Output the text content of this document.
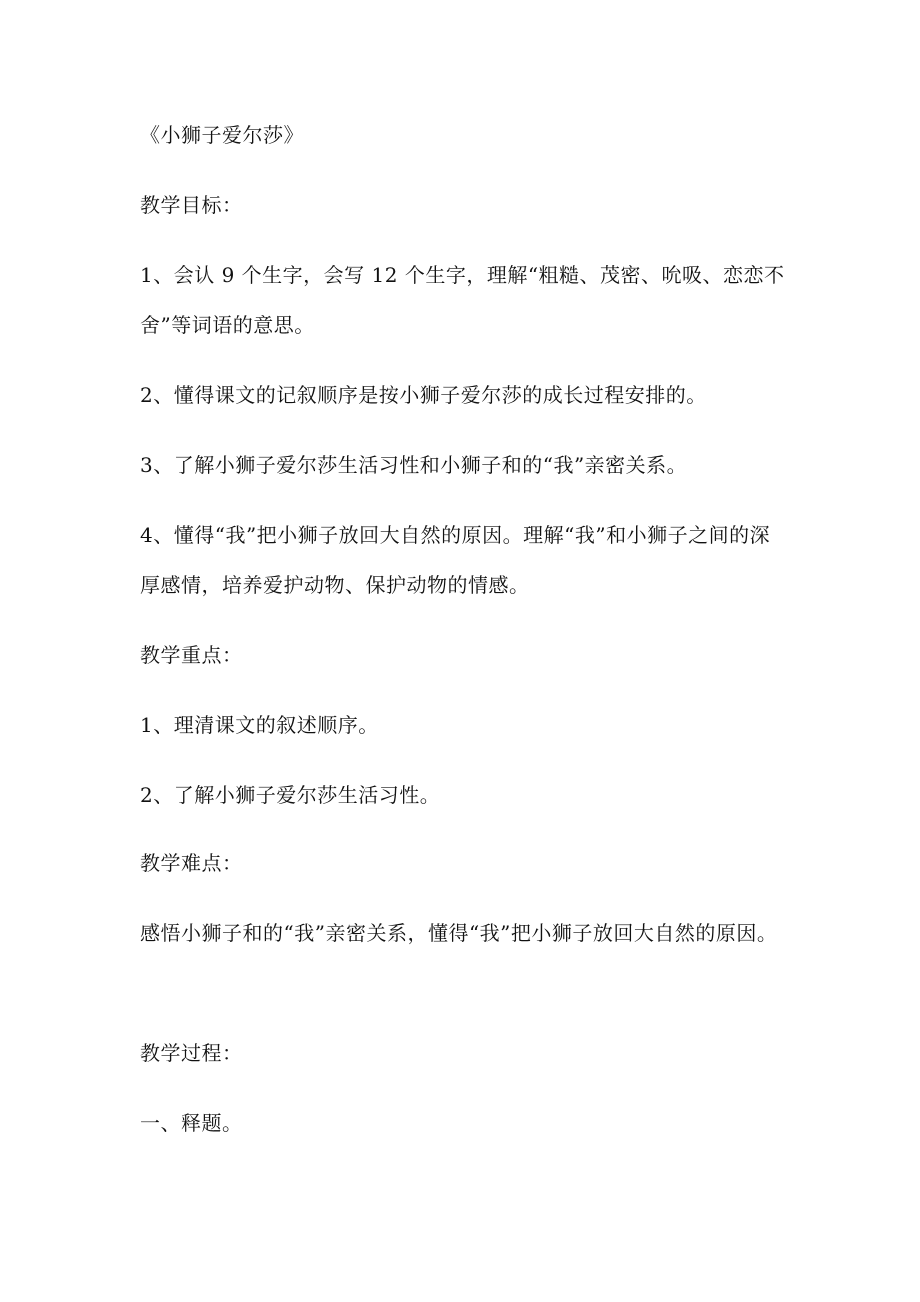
《小狮子爱尔莎》
教学目标：
1、会认 9 个生字，会写 12 个生字，理解“粗糙、茂密、吮吸、恋恋不舍”等词语的意思。
2、懂得课文的记叙顺序是按小狮子爱尔莎的成长过程安排的。
3、了解小狮子爱尔莎生活习性和小狮子和的“我”亲密关系。
4、懂得“我”把小狮子放回大自然的原因。理解“我”和小狮子之间的深厚感情，培养爱护动物、保护动物的情感。
教学重点：
1、理清课文的叙述顺序。
2、了解小狮子爱尔莎生活习性。
教学难点：
感悟小狮子和的“我”亲密关系，懂得“我”把小狮子放回大自然的原因。
教学过程：
一、释题。
